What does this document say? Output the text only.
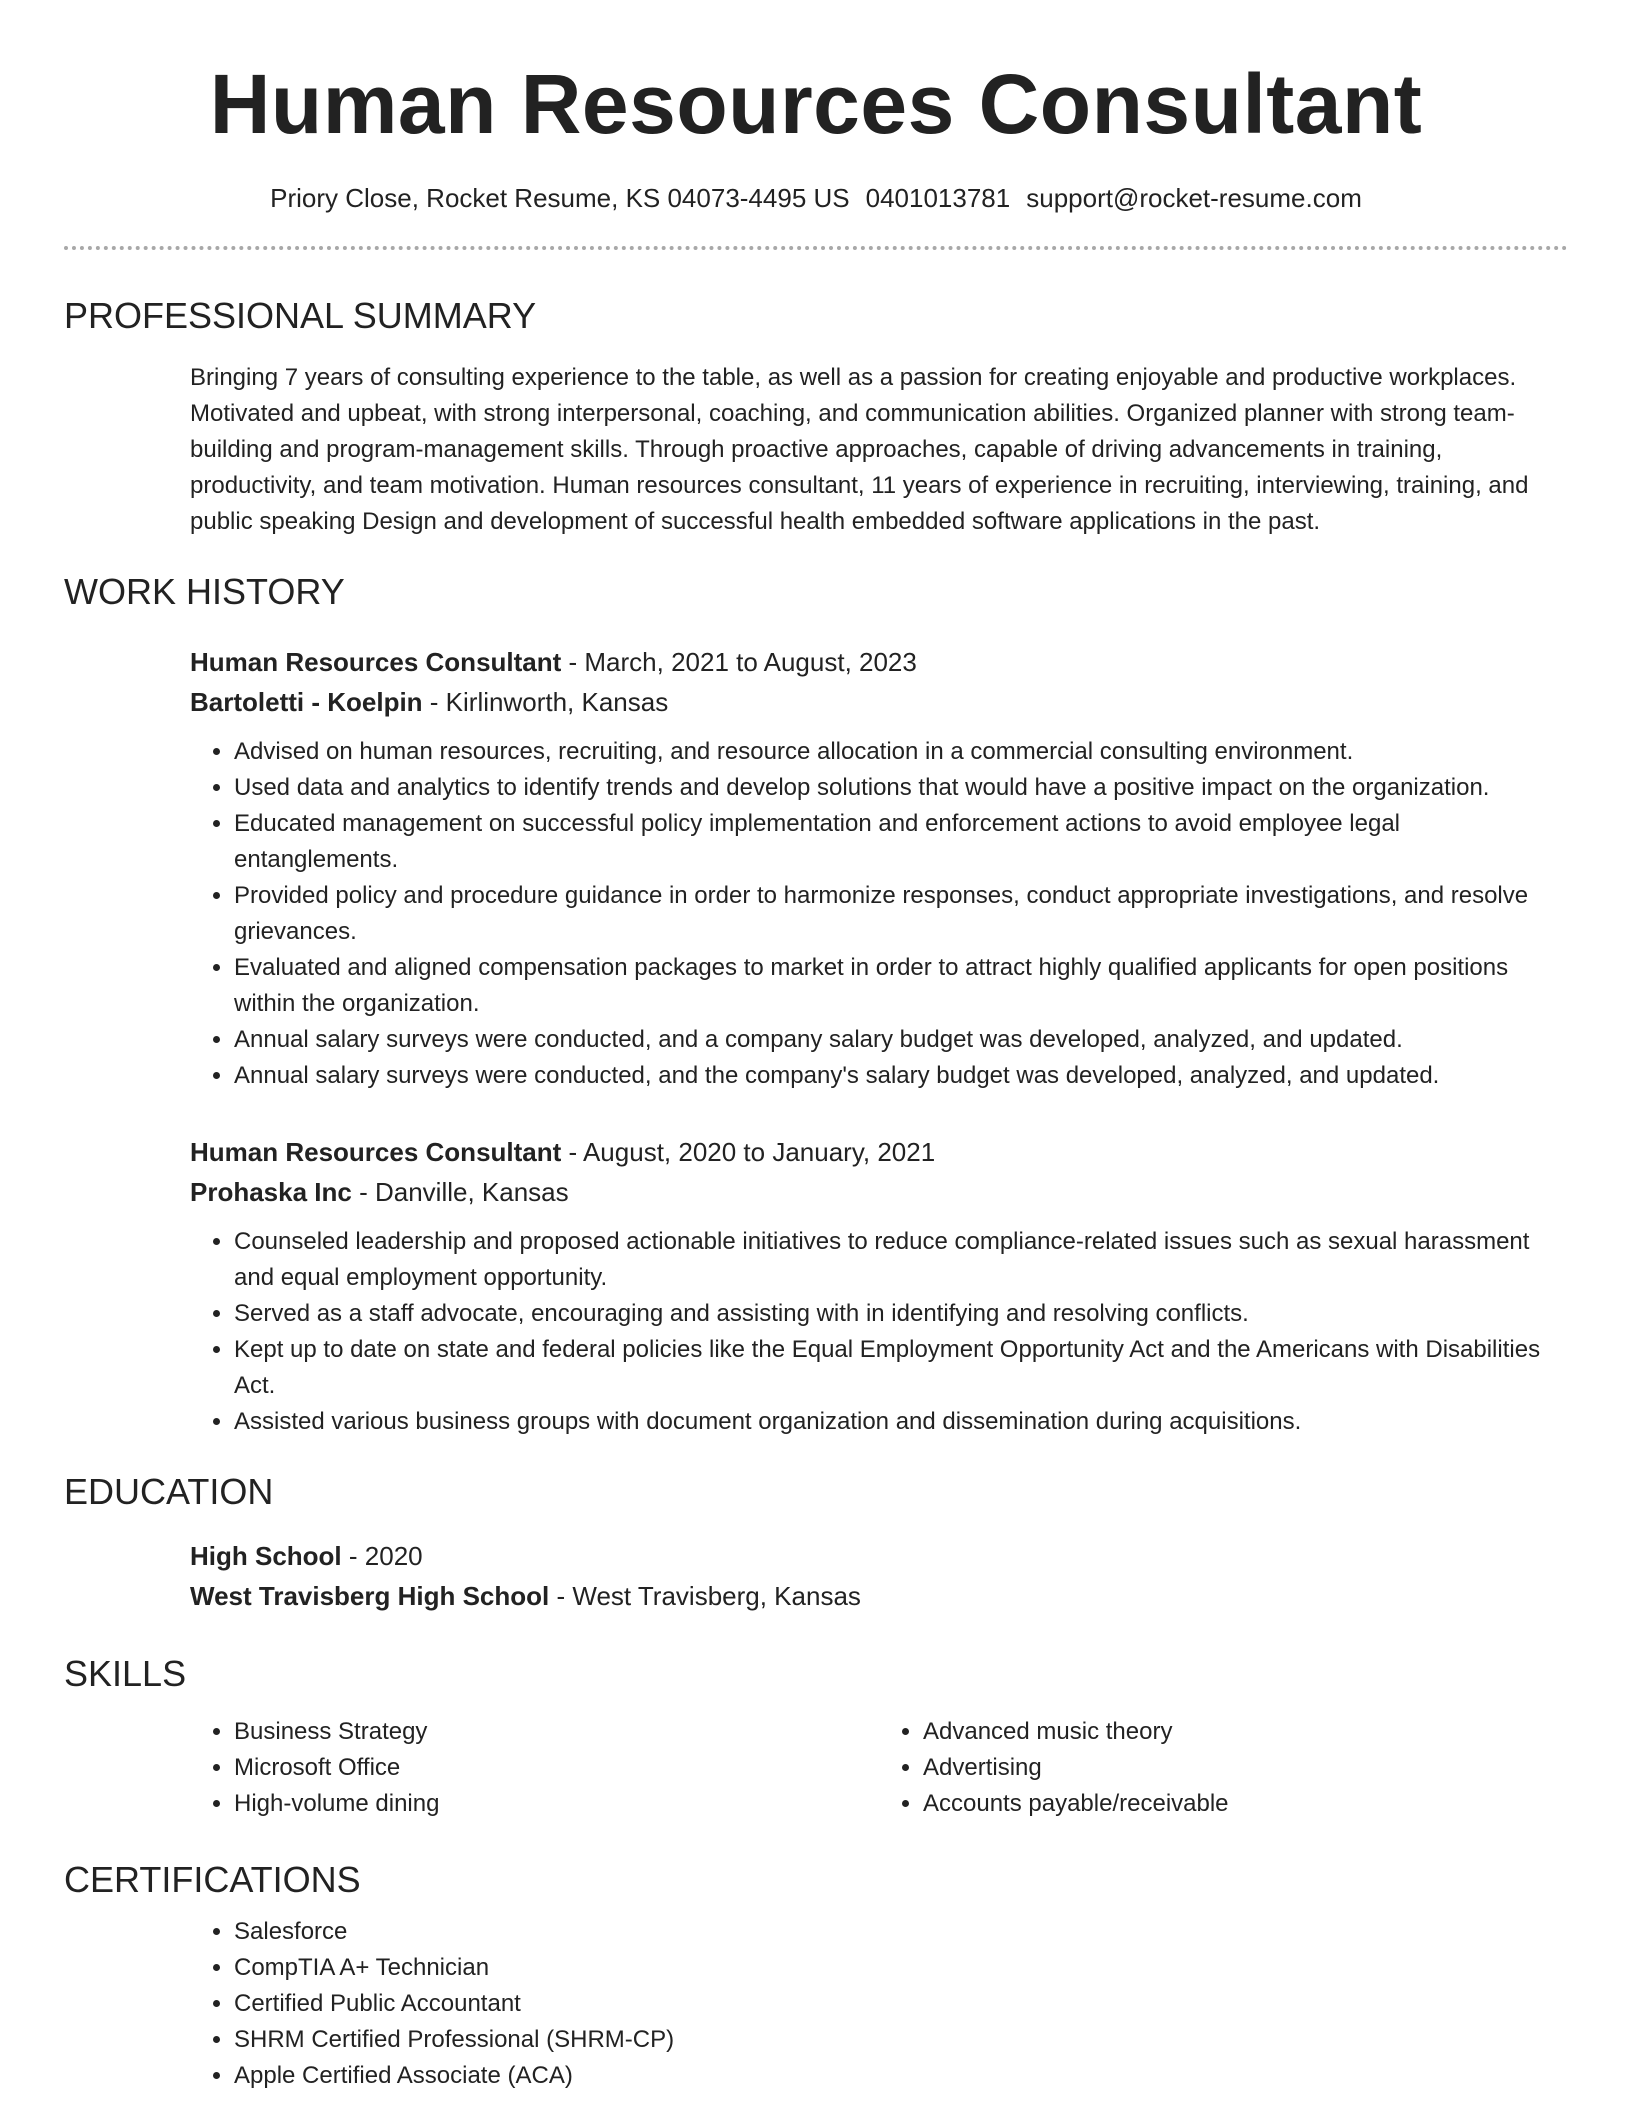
Human Resources Consultant
Priory Close, Rocket Resume, KS 04073-4495 US 0401013781 support@rocket-resume.com
PROFESSIONAL SUMMARY
Bringing 7 years of consulting experience to the table, as well as a passion for creating enjoyable and productive workplaces. Motivated and upbeat, with strong interpersonal, coaching, and communication abilities. Organized planner with strong team-building and program-management skills. Through proactive approaches, capable of driving advancements in training, productivity, and team motivation. Human resources consultant, 11 years of experience in recruiting, interviewing, training, and public speaking Design and development of successful health embedded software applications in the past.
WORK HISTORY
Human Resources Consultant - March, 2021 to August, 2023
Bartoletti - Koelpin - Kirlinworth, Kansas
• Advised on human resources, recruiting, and resource allocation in a commercial consulting environment.
• Used data and analytics to identify trends and develop solutions that would have a positive impact on the organization.
• Educated management on successful policy implementation and enforcement actions to avoid employee legal entanglements.
• Provided policy and procedure guidance in order to harmonize responses, conduct appropriate investigations, and resolve grievances.
• Evaluated and aligned compensation packages to market in order to attract highly qualified applicants for open positions within the organization.
• Annual salary surveys were conducted, and a company salary budget was developed, analyzed, and updated.
• Annual salary surveys were conducted, and the company's salary budget was developed, analyzed, and updated.
Human Resources Consultant - August, 2020 to January, 2021
Prohaska Inc - Danville, Kansas
• Counseled leadership and proposed actionable initiatives to reduce compliance-related issues such as sexual harassment and equal employment opportunity.
• Served as a staff advocate, encouraging and assisting with in identifying and resolving conflicts.
• Kept up to date on state and federal policies like the Equal Employment Opportunity Act and the Americans with Disabilities Act.
• Assisted various business groups with document organization and dissemination during acquisitions.
EDUCATION
High School - 2020
West Travisberg High School - West Travisberg, Kansas
SKILLS
• Business Strategy
• Microsoft Office
• High-volume dining
• Advanced music theory
• Advertising
• Accounts payable/receivable
CERTIFICATIONS
• Salesforce
• CompTIA A+ Technician
• Certified Public Accountant
• SHRM Certified Professional (SHRM-CP)
• Apple Certified Associate (ACA)
